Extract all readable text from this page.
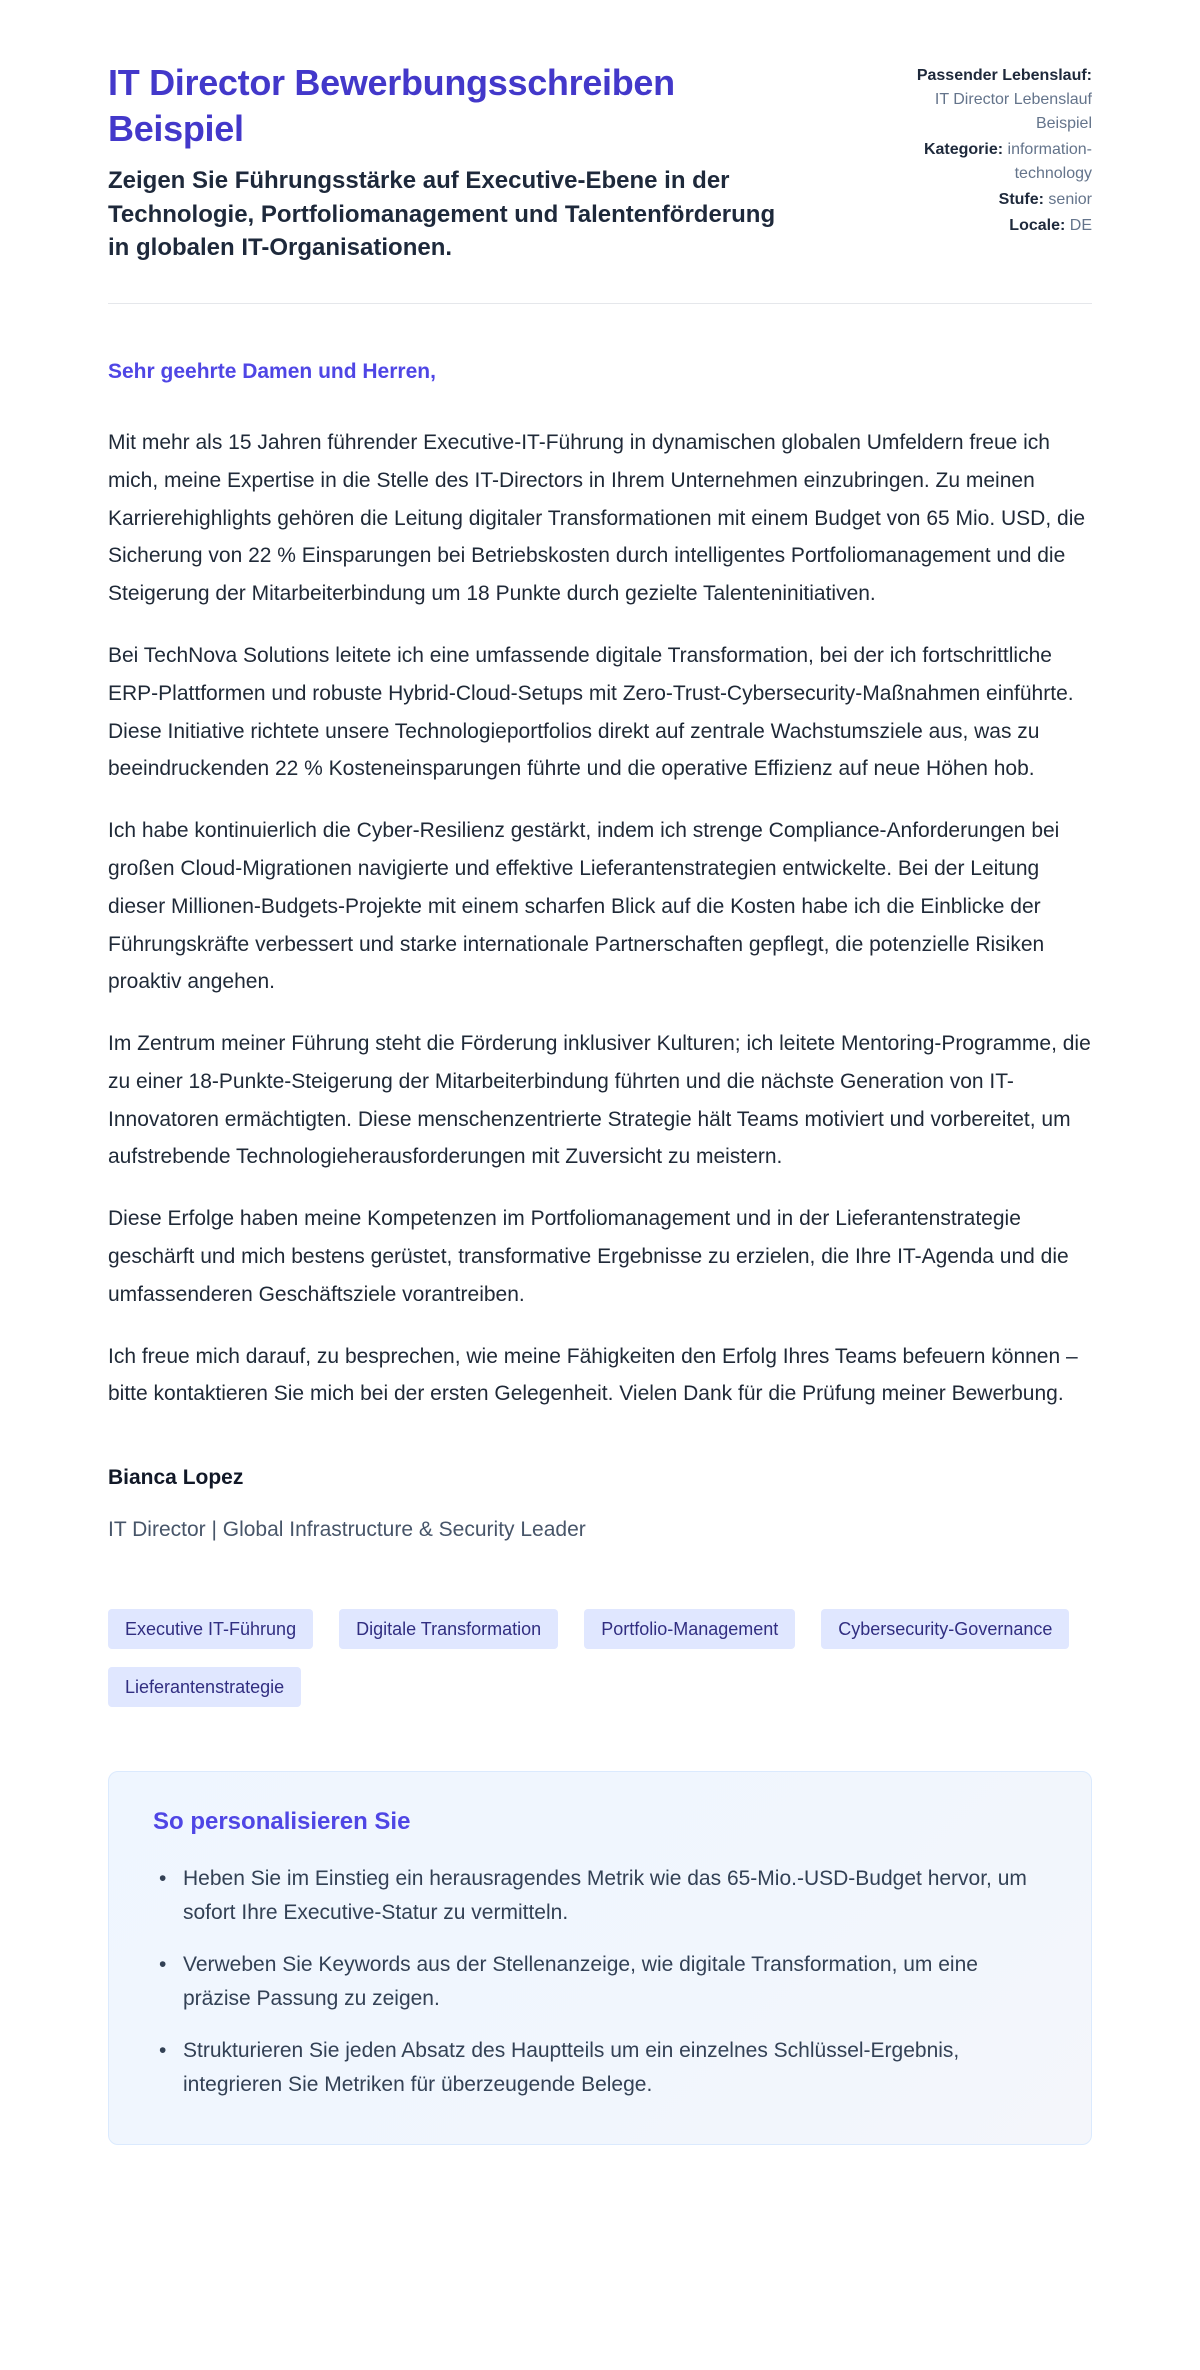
IT Director Bewerbungsschreiben
Beispiel

Zeigen Sie Führungsstärke auf Executive-Ebene in der Technologie, Portfoliomanagement und Talentenförderung in globalen IT-Organisationen.

Passender Lebenslauf: IT Director Lebenslauf Beispiel
Kategorie: information-technology
Stufe: senior
Locale: DE

Sehr geehrte Damen und Herren,

Mit mehr als 15 Jahren führender Executive-IT-Führung in dynamischen globalen Umfeldern freue ich mich, meine Expertise in die Stelle des IT-Directors in Ihrem Unternehmen einzubringen. Zu meinen Karrierehighlights gehören die Leitung digitaler Transformationen mit einem Budget von 65 Mio. USD, die Sicherung von 22 % Einsparungen bei Betriebskosten durch intelligentes Portfoliomanagement und die Steigerung der Mitarbeiterbindung um 18 Punkte durch gezielte Talenteninitiativen.

Bei TechNova Solutions leitete ich eine umfassende digitale Transformation, bei der ich fortschrittliche ERP-Plattformen und robuste Hybrid-Cloud-Setups mit Zero-Trust-Cybersecurity-Maßnahmen einführte. Diese Initiative richtete unsere Technologieportfolios direkt auf zentrale Wachstumsziele aus, was zu beeindruckenden 22 % Kosteneinsparungen führte und die operative Effizienz auf neue Höhen hob.

Ich habe kontinuierlich die Cyber-Resilienz gestärkt, indem ich strenge Compliance-Anforderungen bei großen Cloud-Migrationen navigierte und effektive Lieferantenstrategien entwickelte. Bei der Leitung dieser Millionen-Budgets-Projekte mit einem scharfen Blick auf die Kosten habe ich die Einblicke der Führungskräfte verbessert und starke internationale Partnerschaften gepflegt, die potenzielle Risiken proaktiv angehen.

Im Zentrum meiner Führung steht die Förderung inklusiver Kulturen; ich leitete Mentoring-Programme, die zu einer 18-Punkte-Steigerung der Mitarbeiterbindung führten und die nächste Generation von IT-Innovatoren ermächtigten. Diese menschenzentrierte Strategie hält Teams motiviert und vorbereitet, um aufstrebende Technologieherausforderungen mit Zuversicht zu meistern.

Diese Erfolge haben meine Kompetenzen im Portfoliomanagement und in der Lieferantenstrategie geschärft und mich bestens gerüstet, transformative Ergebnisse zu erzielen, die Ihre IT-Agenda und die umfassenderen Geschäftsziele vorantreiben.

Ich freue mich darauf, zu besprechen, wie meine Fähigkeiten den Erfolg Ihres Teams befeuern können – bitte kontaktieren Sie mich bei der ersten Gelegenheit. Vielen Dank für die Prüfung meiner Bewerbung.

Bianca Lopez

IT Director | Global Infrastructure & Security Leader

Executive IT-Führung	Digitale Transformation	Portfolio-Management	Cybersecurity-Governance
Lieferantenstrategie
So personalisieren Sie
• Heben Sie im Einstieg ein herausragendes Metrik wie das 65-Mio.-USD-Budget hervor, um sofort Ihre Executive-Statur zu vermitteln.
• Verweben Sie Keywords aus der Stellenanzeige, wie digitale Transformation, um eine präzise Passung zu zeigen.
• Strukturieren Sie jeden Absatz des Hauptteils um ein einzelnes Schlüssel-Ergebnis, integrieren Sie Metriken für überzeugende Belege.
